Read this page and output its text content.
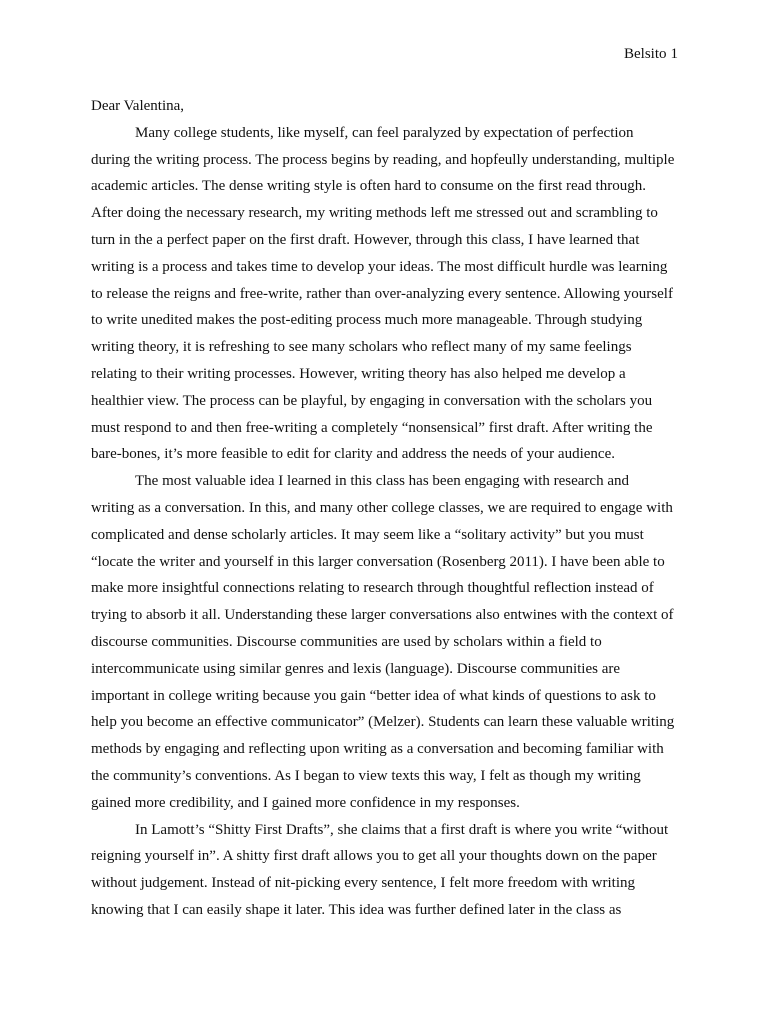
Belsito 1

Dear Valentina,

Many college students, like myself, can feel paralyzed by expectation of perfection
during the writing process. The process begins by reading, and hopfeully understanding, multiple
academic articles. The dense writing style is often hard to consume on the first read through.
After doing the necessary research, my writing methods left me stressed out and scrambling to
turn in the a perfect paper on the first draft. However, through this class, I have learned that
writing is a process and takes time to develop your ideas. The most difficult hurdle was learning
to release the reigns and free-write, rather than over-analyzing every sentence. Allowing yourself
to write unedited makes the post-editing process much more manageable. Through studying
writing theory, it is refreshing to see many scholars who reflect many of my same feelings
relating to their writing processes. However, writing theory has also helped me develop a
healthier view. The process can be playful, by engaging in conversation with the scholars you
must respond to and then free-writing a completely “nonsensical” first draft. After writing the
bare-bones, it’s more feasible to edit for clarity and address the needs of your audience.

The most valuable idea I learned in this class has been engaging with research and
writing as a conversation. In this, and many other college classes, we are required to engage with
complicated and dense scholarly articles. It may seem like a “solitary activity” but you must
“locate the writer and yourself in this larger conversation (Rosenberg 2011). I have been able to
make more insightful connections relating to research through thoughtful reflection instead of
trying to absorb it all. Understanding these larger conversations also entwines with the context of
discourse communities. Discourse communities are used by scholars within a field to
intercommunicate using similar genres and lexis (language). Discourse communities are
important in college writing because you gain “better idea of what kinds of questions to ask to
help you become an effective communicator” (Melzer). Students can learn these valuable writing
methods by engaging and reflecting upon writing as a conversation and becoming familiar with
the community’s conventions. As I began to view texts this way, I felt as though my writing
gained more credibility, and I gained more confidence in my responses.

In Lamott’s “Shitty First Drafts”, she claims that a first draft is where you write “without
reigning yourself in”. A shitty first draft allows you to get all your thoughts down on the paper
without judgement. Instead of nit-picking every sentence, I felt more freedom with writing
knowing that I can easily shape it later. This idea was further defined later in the class as
